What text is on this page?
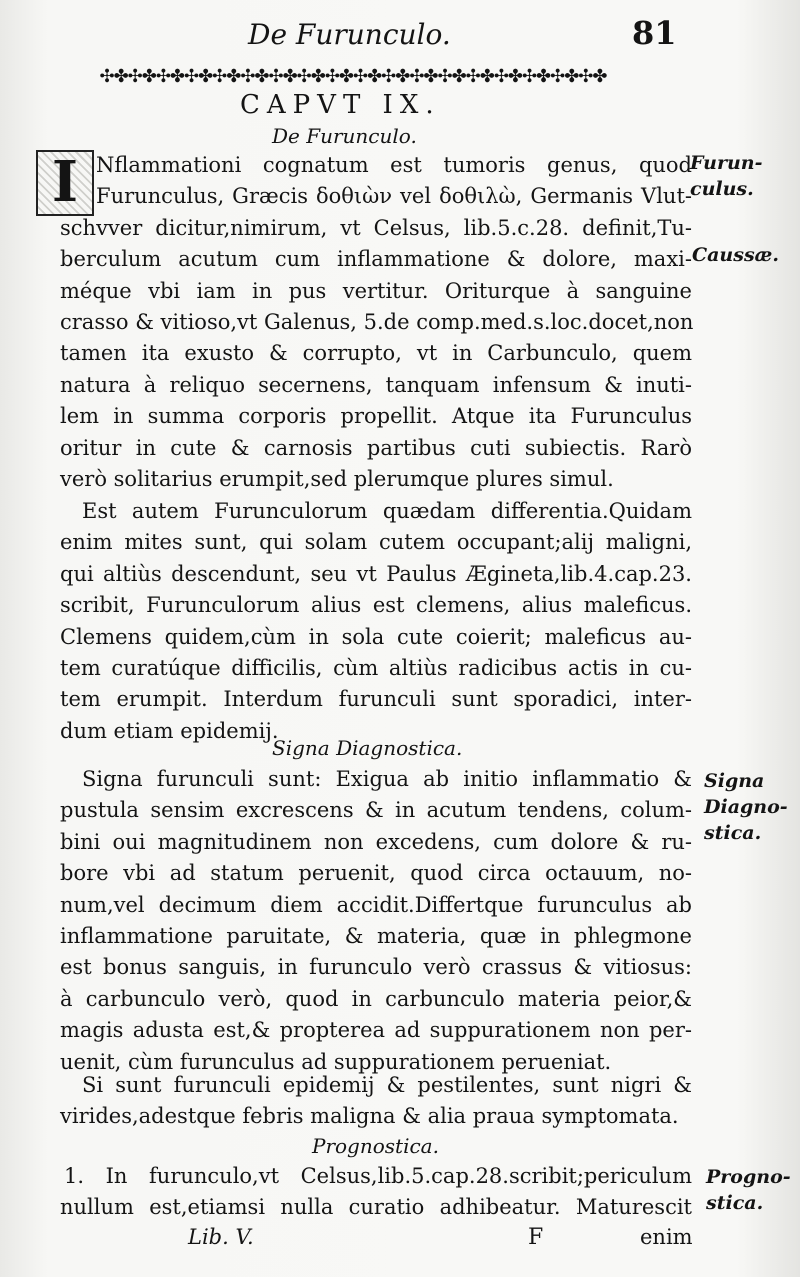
De Furunculo.	81
✣✤✣✤✣✤✣✤✣✤✣✤✣✤✣✤✣✤✣✤✣✤✣✤✣✤✣✤✣✤✣✤✣✤✣✤
CAPVT IX.
De Furunculo.
I Nflammationi cognatum est tumoris genus, quod
Furunculus, Græcis δοθιὼν vel δοθιλὼ, Germanis Vlut-
schvver dicitur,nimirum, vt Celsus, lib.5.c.28. definit,Tu-
berculum acutum cum inflammatione & dolore, maxi-
méque vbi iam in pus vertitur. Oriturque à sanguine
crasso & vitioso,vt Galenus, 5.de comp.med.s.loc.docet,non
tamen ita exusto & corrupto, vt in Carbunculo, quem
natura à reliquo secernens, tanquam infensum & inuti-
lem in summa corporis propellit. Atque ita Furunculus
oritur in cute & carnosis partibus cuti subiectis. Rarò
verò solitarius erumpit,sed plerumque plures simul.
Est autem Furunculorum quædam differentia.Quidam
enim mites sunt, qui solam cutem occupant;alij maligni,
qui altiùs descendunt, seu vt Paulus Ægineta,lib.4.cap.23.
scribit, Furunculorum alius est clemens, alius maleficus.
Clemens quidem,cùm in sola cute coierit; maleficus au-
tem curatúque difficilis, cùm altiùs radicibus actis in cu-
tem erumpit. Interdum furunculi sunt sporadici, inter-
dum etiam epidemij.
Signa Diagnostica.
Signa furunculi sunt: Exigua ab initio inflammatio &
pustula sensim excrescens & in acutum tendens, colum-
bini oui magnitudinem non excedens, cum dolore & ru-
bore vbi ad statum peruenit, quod circa octauum, no-
num,vel decimum diem accidit.Differtque furunculus ab
inflammatione paruitate, & materia, quæ in phlegmone
est bonus sanguis, in furunculo verò crassus & vitiosus:
à carbunculo verò, quod in carbunculo materia peior,&
magis adusta est,& propterea ad suppurationem non per-
uenit, cùm furunculus ad suppurationem perueniat.
Si sunt furunculi epidemij & pestilentes, sunt nigri &
virides,adestque febris maligna & alia praua symptomata.
Prognostica.
1. In furunculo,vt Celsus,lib.5.cap.28.scribit;periculum
nullum est,etiamsi nulla curatio adhibeatur. Maturescit
Furun-
culus.
Caussæ.
Signa
Diagno-
stica.
Progno-
stica.
Lib. V.	F	enim
